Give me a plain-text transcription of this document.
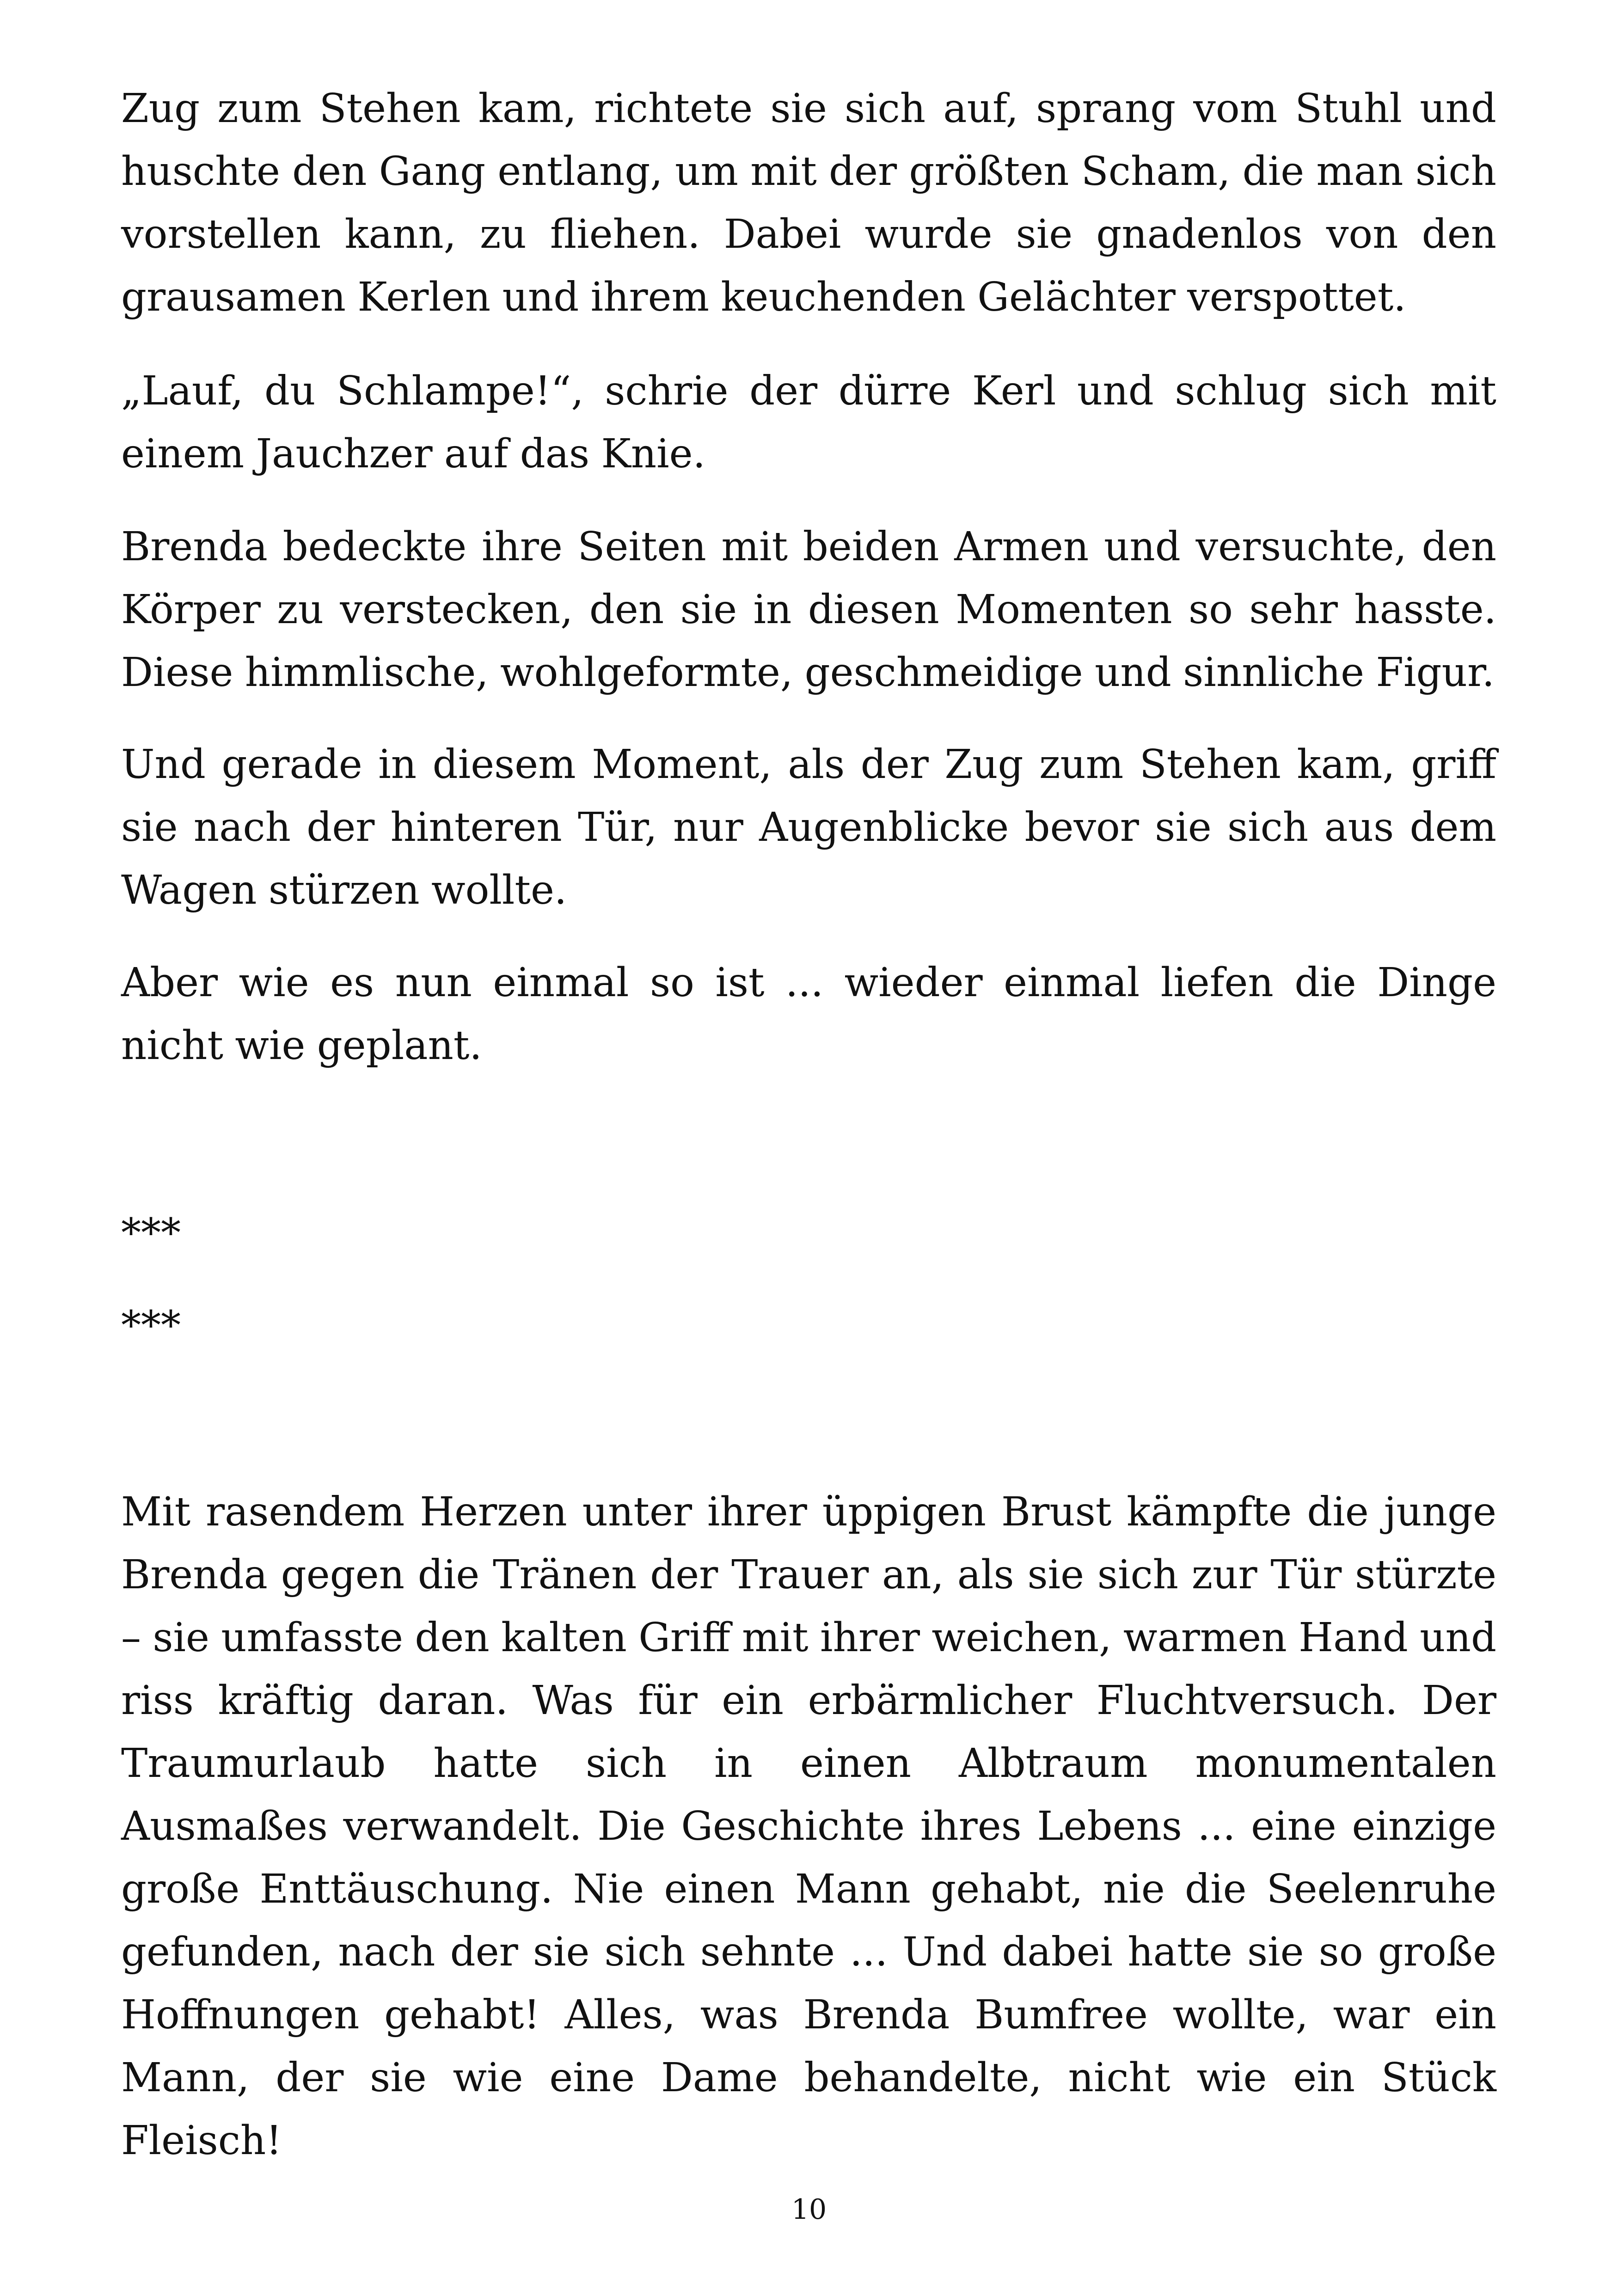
Zug zum Stehen kam, richtete sie sich auf, sprang vom Stuhl und huschte den Gang entlang, um mit der größten Scham, die man sich vorstellen kann, zu fliehen. Dabei wurde sie gnadenlos von den grausamen Kerlen und ihrem keuchenden Gelächter verspottet.

„Lauf, du Schlampe!“, schrie der dürre Kerl und schlug sich mit einem Jauchzer auf das Knie.

Brenda bedeckte ihre Seiten mit beiden Armen und versuchte, den Körper zu verstecken, den sie in diesen Momenten so sehr hasste. Diese himmlische, wohlgeformte, geschmeidige und sinnliche Figur.

Und gerade in diesem Moment, als der Zug zum Stehen kam, griff sie nach der hinteren Tür, nur Augenblicke bevor sie sich aus dem Wagen stürzen wollte.

Aber wie es nun einmal so ist ... wieder einmal liefen die Dinge nicht wie geplant.

***

***

Mit rasendem Herzen unter ihrer üppigen Brust kämpfte die junge Brenda gegen die Tränen der Trauer an, als sie sich zur Tür stürzte – sie umfasste den kalten Griff mit ihrer weichen, warmen Hand und riss kräftig daran. Was für ein erbärmlicher Fluchtversuch. Der Traumurlaub hatte sich in einen Albtraum monumentalen Ausmaßes verwandelt. Die Geschichte ihres Lebens ... eine einzige große Enttäuschung. Nie einen Mann gehabt, nie die Seelenruhe gefunden, nach der sie sich sehnte ... Und dabei hatte sie so große Hoffnungen gehabt! Alles, was Brenda Bumfree wollte, war ein Mann, der sie wie eine Dame behandelte, nicht wie ein Stück Fleisch!

10
